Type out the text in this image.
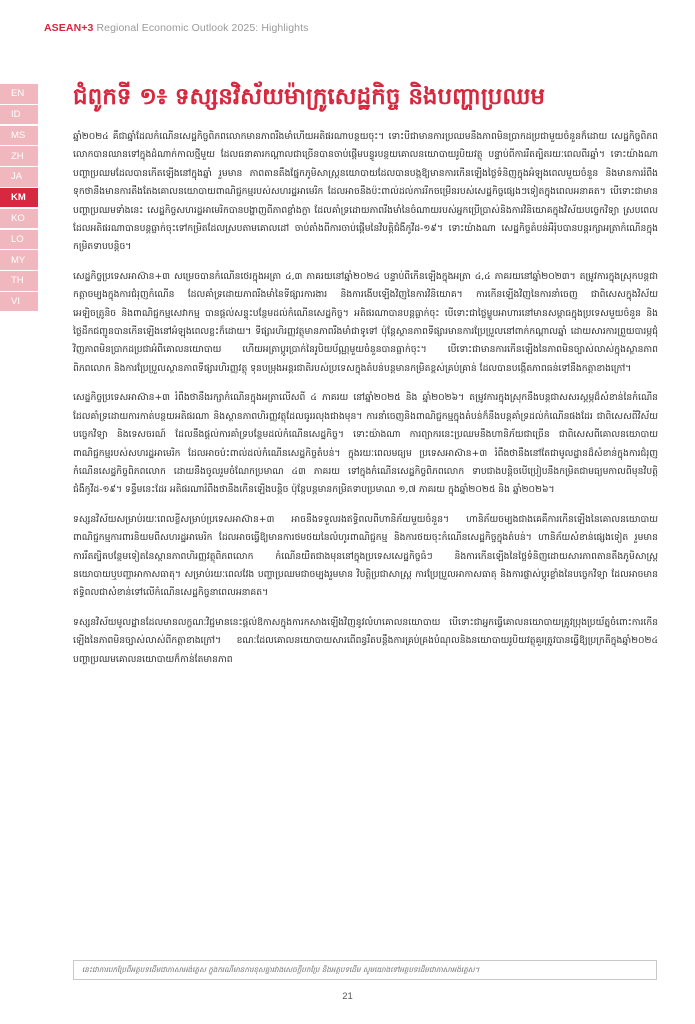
ASEAN+3 Regional Economic Outlook 2025: Highlights
EN
ID
MS
ZH
JA
KM
KO
LO
MY
TH
VI
ជំពូកទី ១៖ ទស្សនវិស័យម៉ាក្រូសេដ្ឋកិច្ច និងបញ្ហាប្រឈម

ឆ្នាំ២០២៤ គឺជាឆ្នាំដែលកំណើនសេដ្ឋកិច្ចពិភពលោកមានភាពរឹងមាំហើយអតិផរណាបន្ថយចុះ។ ទោះបីជាមានការប្រឈមនឹងភាពមិនប្រាកដប្រជាមួយចំនួនក៏ដោយ សេដ្ឋកិច្ចពិភពលោកបានឈានទៅក្នុងដំណាក់កាលថ្មីមួយ ដែលធនាគារកណ្តាលជាច្រើនបានចាប់ផ្តើមបន្ធូរបន្ថយគោលនយោបាយរូបិយវត្ថុ បន្ទាប់ពីការរឹតត្បិតរយៈពេលពីរឆ្នាំ។ ទោះយ៉ាងណា បញ្ហាប្រឈមដែលបានកើតឡើងនៅក្នុងឆ្នាំ រួមមាន ភាពតានតឹងផ្នែកភូមិសាស្ត្រនយោបាយដែលបានបង្កឱ្យមានការកើនឡើងថ្លៃទំនិញក្នុងអំឡុងពេលមួយចំនួន និងមានការរំពឹងទុកថានឹងមានការតឹងតែងគោលនយោបាយពាណិជ្ជកម្មរបស់សហរដ្ឋអាមេរិក ដែលអាចនឹងប៉ះពាល់ដល់ការរីកចម្រើនរបស់សេដ្ឋកិច្ចផ្សេងៗទៀតក្នុងពេលអនាគត។ បើទោះជាមានបញ្ហាប្រឈមទាំងនេះ សេដ្ឋកិច្ចសហរដ្ឋអាមេរិកបានបង្ហាញពីភាពខ្លាំងក្លា ដែលគាំទ្រដោយភាពរឹងមាំនៃចំណាយរបស់អ្នកប្រើប្រាស់និងការវិនិយោគក្នុងវិស័យបច្ចេកវិទ្យា ស្របពេលដែលអតិផរណាបានបន្តធ្លាក់ចុះទៅកម្រិតដែលស្របតាមគោលដៅ ចាប់តាំងពីការចាប់ផ្តើមនៃវិបត្តិជំងឺកូវីដ-១៩។ ទោះយ៉ាងណា សេដ្ឋកិច្ចតំបន់អឺរ៉ុបបានបន្តរក្សាអត្រាកំណើនក្នុងកម្រិតទាបបន្តិច។

សេដ្ឋកិច្ចប្រទេសអាស៊ាន+៣ សម្រេចបានកំណើនថេរក្នុងអត្រា ៤,៣ ភាគរយនៅឆ្នាំ២០២៤ បន្ទាប់ពីកើនឡើងក្នុងអត្រា ៤,៤ ភាគរយនៅឆ្នាំ២០២៣។ តម្រូវការក្នុងស្រុកបន្តជាកត្តាចម្បងក្នុងការជំរុញកំណើន ដែលគាំទ្រដោយភាពរឹងមាំនៃទីផ្សារការងារ និងការងើបឡើងវិញនៃការវិនិយោគ។ ការកើនឡើងវិញនៃការនាំចេញ ជាពិសេសក្នុងវិស័យអេឡិចត្រូនិច និងពាណិជ្ជកម្មសេវាកម្ម បានផ្តល់សន្ទុះបន្ថែមដល់កំណើនសេដ្ឋកិច្ច។ អតិផរណាបានបន្តធ្លាក់ចុះ បើទោះជាថ្លៃម្ហូបអាហារនៅមានសម្ពាធក្នុងប្រទេសមួយចំនួន និងថ្លៃដឹកជញ្ជូនបានកើនឡើងនៅអំឡុងពេលខ្លះក៏ដោយ។ ទីផ្សារហិរញ្ញវត្ថុមានភាពរឹងមាំជាទូទៅ ប៉ុន្តែស្ថានភាពទីផ្សារមានការប្រែប្រួលនៅពាក់កណ្តាលឆ្នាំ ដោយសារការព្រួយបារម្ភជុំវិញភាពមិនប្រាកដប្រជាអំពីគោលនយោបាយ ហើយអត្រាប្តូរប្រាក់នៃរូបិយប័ណ្ណមួយចំនួនបានធ្លាក់ចុះ។ បើទោះជាមានការកើនឡើងនៃភាពមិនច្បាស់លាស់ក្នុងស្ថានភាពពិភពលោក និងការប្រែប្រួលស្ថានភាពទីផ្សារហិរញ្ញវត្ថុ ទុនបម្រុងអន្តរជាតិរបស់ប្រទេសក្នុងតំបន់បន្តមានកម្រិតខ្ពស់គ្រប់គ្រាន់ ដែលបានបង្កើតភាពធន់ទៅនឹងកត្តាខាងក្រៅ។

សេដ្ឋកិច្ចប្រទេសអាស៊ាន+៣ រំពឹងថានឹងរក្សាកំណើនក្នុងអត្រាលើសពី ៤ ភាគរយ នៅឆ្នាំ២០២៥ និង ឆ្នាំ២០២៦។ តម្រូវការក្នុងស្រុកនឹងបន្តជាសសរស្តម្ភដ៏សំខាន់នៃកំណើន ដែលគាំទ្រដោយការកាត់បន្ថយអតិផរណា និងស្ថានភាពហិរញ្ញវត្ថុដែលធូររលុងជាងមុន។ ការនាំចេញនិងពាណិជ្ជកម្មក្នុងតំបន់ក៏នឹងបន្តគាំទ្រដល់កំណើនផងដែរ ជាពិសេសពីវិស័យបច្ចេកវិទ្យា និងទេសចរណ៍ ដែលនឹងផ្តល់ការគាំទ្របន្ថែមដល់កំណើនសេដ្ឋកិច្ច។ ទោះយ៉ាងណា ការព្យាករនេះប្រឈមនឹងហានិភ័យជាច្រើន ជាពិសេសពីគោលនយោបាយពាណិជ្ជកម្មរបស់សហរដ្ឋអាមេរិក ដែលអាចប៉ះពាល់ដល់កំណើនសេដ្ឋកិច្ចតំបន់។ ក្នុងរយៈពេលមធ្យម ប្រទេសអាស៊ាន+៣ រំពឹងថានឹងនៅតែជាមូលដ្ឋានដ៏សំខាន់ក្នុងការជំរុញកំណើនសេដ្ឋកិច្ចពិភពលោក ដោយនឹងចូលរួមចំណែកប្រមាណ ៤៣ ភាគរយ ទៅក្នុងកំណើនសេដ្ឋកិច្ចពិភពលោក ទាបជាងបន្តិចបើប្រៀបនឹងកម្រិតជាមធ្យមកាលពីមុនវិបត្តិជំងឺកូវីដ-១៩។ ទន្ទឹមនេះដែរ អតិផរណារំពឹងថានឹងកើនឡើងបន្តិច ប៉ុន្តែបន្តមានកម្រិតទាបប្រមាណ ១,៧ ភាគរយ ក្នុងឆ្នាំ២០២៥ និង ឆ្នាំ២០២៦។

ទស្សនវិស័យសម្រាប់រយៈពេលខ្លីសម្រាប់ប្រទេសអាស៊ាន+៣ អាចនឹងទទួលរងឥទ្ធិពលពីហានិភ័យមួយចំនួន។ ហានិភ័យចម្បងជាងគេគឺការកើនឡើងនៃគោលនយោបាយពាណិជ្ជកម្មការពារនិយមពីសហរដ្ឋអាមេរិក ដែលអាចធ្វើឱ្យមានការថមថយនៃលំហូរពាណិជ្ជកម្ម និងការថយចុះកំណើនសេដ្ឋកិច្ចក្នុងតំបន់។ ហានិភ័យសំខាន់ផ្សេងទៀត រួមមាន ការរឹតត្បិតបន្ថែមទៀតនៃស្ថានភាពហិរញ្ញវត្ថុពិភពលោក កំណើនយឺតជាងមុននៅក្នុងប្រទេសសេដ្ឋកិច្ចធំៗ និងការកើនឡើងនៃថ្លៃទំនិញដោយសារភាពតានតឹងភូមិសាស្ត្រនយោបាយឬបញ្ហាអាកាសធាតុ។ សម្រាប់រយៈពេលវែង បញ្ហាប្រឈមជាចម្បងរួមមាន វិបត្តិប្រជាសាស្ត្រ ការប្រែប្រួលអាកាសធាតុ និងការផ្លាស់ប្តូរខ្លាំងនៃបច្ចេកវិទ្យា ដែលអាចមានឥទ្ធិពលជាសំខាន់ទៅលើកំណើនសេដ្ឋកិច្ចនាពេលអនាគត។

ទស្សនវិស័យមូលដ្ឋានដែលមានលក្ខណៈវិជ្ជមាននេះផ្តល់ឱកាសក្នុងការកសាងឡើងវិញនូវលំហគោលនយោបាយ បើទោះជាអ្នកធ្វើគោលនយោបាយត្រូវប្រុងប្រយ័ត្នចំពោះការកើនឡើងនៃភាពមិនច្បាស់លាស់ពីកត្តាខាងក្រៅ។ ខណៈដែលគោលនយោបាយសារពើពន្ធរឹតបន្តឹងការគ្រប់គ្រងបំណុលនិងនយោបាយរូបិយវត្ថុគួរត្រូវបានធ្វើឱ្យប្រក្រតីក្នុងឆ្នាំ២០២៤ បញ្ហាប្រឈមគោលនយោបាយក៏កាន់តែមានភាព

នេះជាការបកប្រែពីអត្ថបទដើមជាភាសាអង់គ្លេស ក្នុងករណីមានការខុសគ្នារវាងសេចក្តីបកប្រែ និងអត្ថបទដើម សូមយោងទៅអត្ថបទដើមជាភាសាអង់គ្លេស។
21
